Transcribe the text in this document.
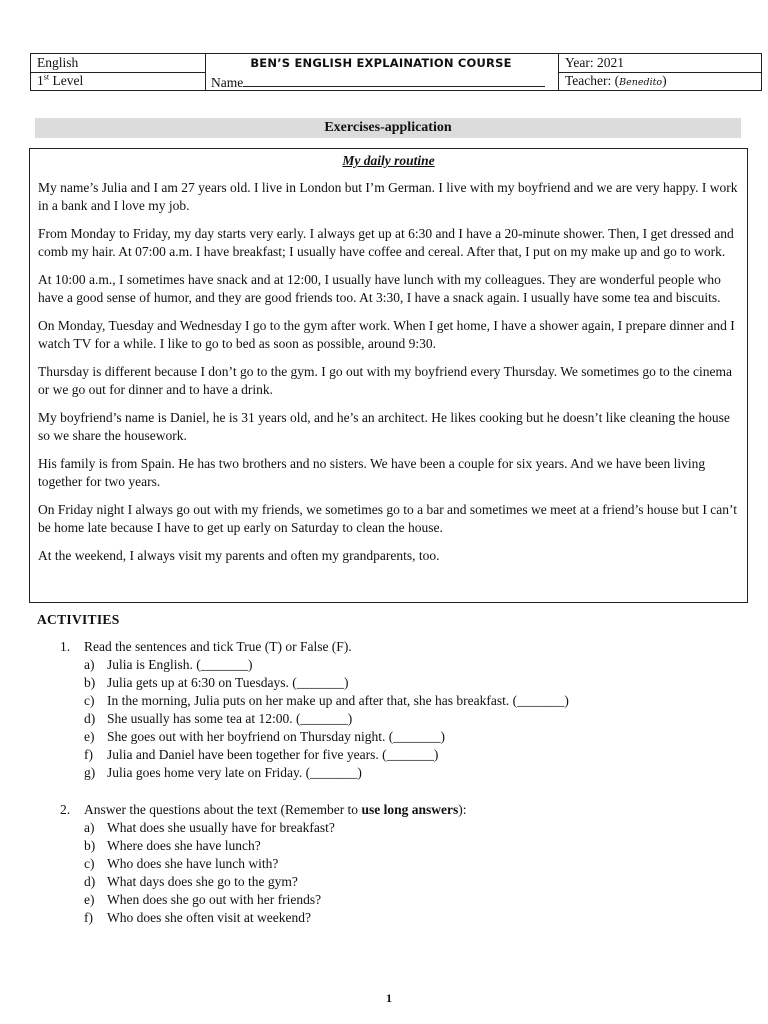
English
1st Level
BEN’S ENGLISH EXPLAINATION COURSE
Name
Year: 2021
Teacher: (Benedito)
Exercises-application
My daily routine

My name’s Julia and I am 27 years old. I live in London but I’m German. I live with my boyfriend and we are very happy. I work in a bank and I love my job.

From Monday to Friday, my day starts very early. I always get up at 6:30 and I have a 20-minute shower. Then, I get dressed and comb my hair. At 07:00 a.m. I have breakfast; I usually have coffee and cereal. After that, I put on my make up and go to work.

At 10:00 a.m., I sometimes have snack and at 12:00, I usually have lunch with my colleagues. They are wonderful people who have a good sense of humor, and they are good friends too. At 3:30, I have a snack again. I usually have some tea and biscuits.

On Monday, Tuesday and Wednesday I go to the gym after work. When I get home, I have a shower again, I prepare dinner and I watch TV for a while. I like to go to bed as soon as possible, around 9:30.

Thursday is different because I don’t go to the gym. I go out with my boyfriend every Thursday. We sometimes go to the cinema or we go out for dinner and to have a drink.

My boyfriend’s name is Daniel, he is 31 years old, and he’s an architect. He likes cooking but he doesn’t like cleaning the house so we share the housework.

His family is from Spain. He has two brothers and no sisters. We have been a couple for six years. And we have been living together for two years.

On Friday night I always go out with my friends, we sometimes go to a bar and sometimes we meet at a friend’s house but I can’t be home late because I have to get up early on Saturday to clean the house.

At the weekend, I always visit my parents and often my grandparents, too.

ACTIVITIES
1. Read the sentences and tick True (T) or False (F).
a) Julia is English. (_______)
b) Julia gets up at 6:30 on Tuesdays. (_______)
c) In the morning, Julia puts on her make up and after that, she has breakfast. (_______)
d) She usually has some tea at 12:00. (_______)
e) She goes out with her boyfriend on Thursday night. (_______)
f) Julia and Daniel have been together for five years. (_______)
g) Julia goes home very late on Friday. (_______)
2. Answer the questions about the text (Remember to use long answers):
a) What does she usually have for breakfast?
b) Where does she have lunch?
c) Who does she have lunch with?
d) What days does she go to the gym?
e) When does she go out with her friends?
f) Who does she often visit at weekend?
1
